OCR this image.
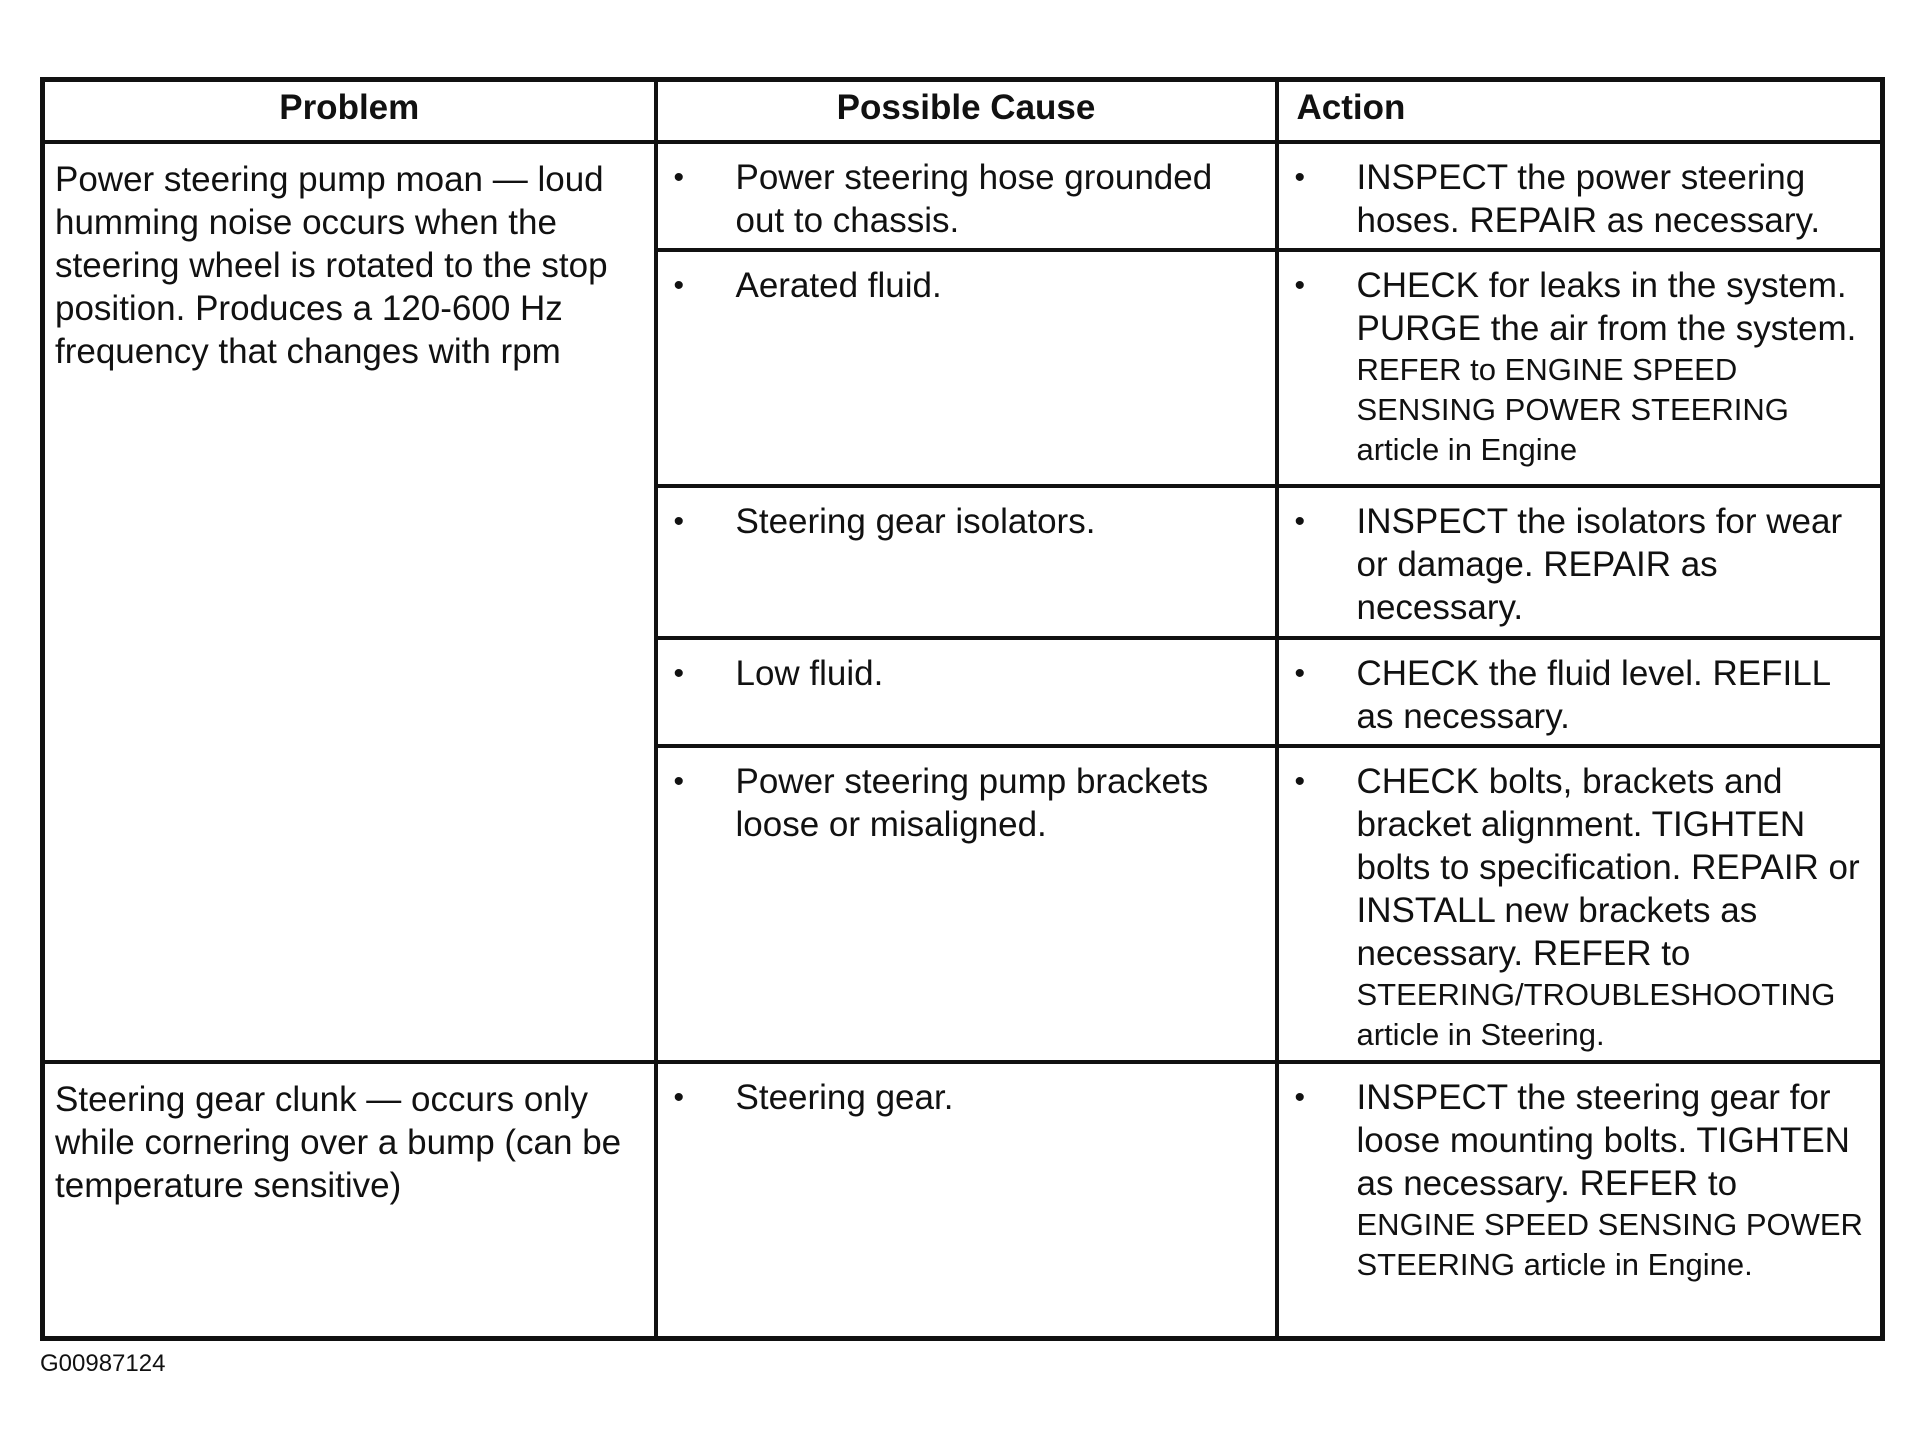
Problem	Possible Cause	Action
Power steering pump moan — loud humming noise occurs when the steering wheel is rotated to the stop position. Produces a 120-600 Hz frequency that changes with rpm	• Power steering hose grounded out to chassis.	• INSPECT the power steering hoses. REPAIR as necessary.

	• Aerated fluid.	• CHECK for leaks in the system. PURGE the air from the system.
REFER to ENGINE SPEED SENSING POWER STEERING article in Engine

	• Steering gear isolators.	• INSPECT the isolators for wear or damage. REPAIR as necessary.

	• Low fluid.	• CHECK the fluid level. REFILL as necessary.

	• Power steering pump brackets loose or misaligned.	• CHECK bolts, brackets and bracket alignment. TIGHTEN bolts to specification. REPAIR or INSTALL new brackets as necessary. REFER to
STEERING/TROUBLESHOOTING article in Steering.

Steering gear clunk — occurs only while cornering over a bump (can be temperature sensitive)	• Steering gear.	• INSPECT the steering gear for loose mounting bolts. TIGHTEN as necessary. REFER to
ENGINE SPEED SENSING POWER STEERING article in Engine.
G00987124
